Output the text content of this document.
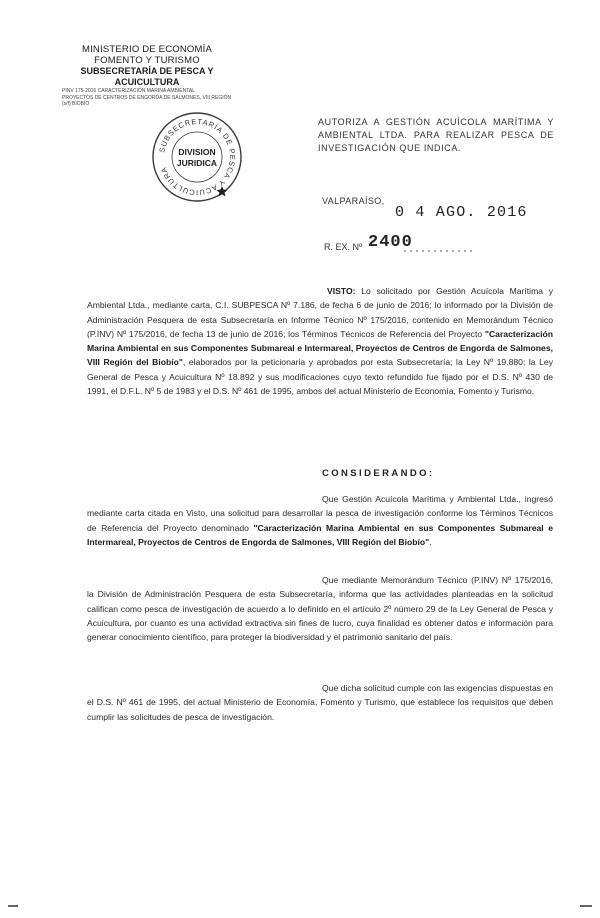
MINISTERIO DE ECONOMÍA
FOMENTO Y TURISMO
SUBSECRETARÍA DE PESCA Y ACUICULTURA
PINV 175-2016 CARACTERIZACIÓN MARINA AMBIENTAL
PROYECTOS DE CENTROS DE ENGORDA DE SALMONES, VIII REGIÓN
(s/f) BIOBÍO
SUBSECRETARÍA DE PESCA Y ACUICULTURA
DIVISION
JURIDICA
AUTORIZA A GESTIÓN ACUÍCOLA MARÍTIMA Y AMBIENTAL LTDA. PARA REALIZAR PESCA DE INVESTIGACIÓN QUE INDICA.
VALPARAÍSO,
0 4 AGO. 2016
R. EX. Nº 2400
VISTO: Lo solicitado por Gestión Acuícola Marítima y Ambiental Ltda., mediante carta, C.I. SUBPESCA Nº 7.186, de fecha 6 de junio de 2016; lo informado por la División de Administración Pesquera de esta Subsecretaría en Informe Técnico Nº 175/2016, contenido en Memorándum Técnico (P.INV) Nº 175/2016, de fecha 13 de junio de 2016; los Términos Técnicos de Referencia del Proyecto "Caracterización Marina Ambiental en sus Componentes Submareal e Intermareal, Proyectos de Centros de Engorda de Salmones, VIII Región del Biobío", elaborados por la peticionaria y aprobados por esta Subsecretaría; la Ley Nº 19.880; la Ley General de Pesca y Acuicultura Nº 18.892 y sus modificaciones cuyo texto refundido fue fijado por el D.S. Nº 430 de 1991, el D.F.L. Nº 5 de 1983 y el D.S. Nº 461 de 1995, ambos del actual Ministerio de Economía, Fomento y Turismo.
CONSIDERANDO:
Que Gestión Acuícola Marítima y Ambiental Ltda., ingresó mediante carta citada en Visto, una solicitud para desarrollar la pesca de investigación conforme los Términos Técnicos de Referencia del Proyecto denominado "Caracterización Marina Ambiental en sus Componentes Submareal e Intermareal, Proyectos de Centros de Engorda de Salmones, VIII Región del Biobío".
Que mediante Memorándum Técnico (P.INV) Nº 175/2016, la División de Administración Pesquera de esta Subsecretaría, informa que las actividades planteadas en la solicitud califican como pesca de investigación de acuerdo a lo definido en el artículo 2º número 29 de la Ley General de Pesca y Acuicultura, por cuanto es una actividad extractiva sin fines de lucro, cuya finalidad es obtener datos e información para generar conocimiento científico, para proteger la biodiversidad y el patrimonio sanitario del país.
Que dicha solicitud cumple con las exigencias dispuestas en el D.S. Nº 461 de 1995, del actual Ministerio de Economía, Fomento y Turismo, que establece los requisitos que deben cumplir las solicitudes de pesca de investigación.
